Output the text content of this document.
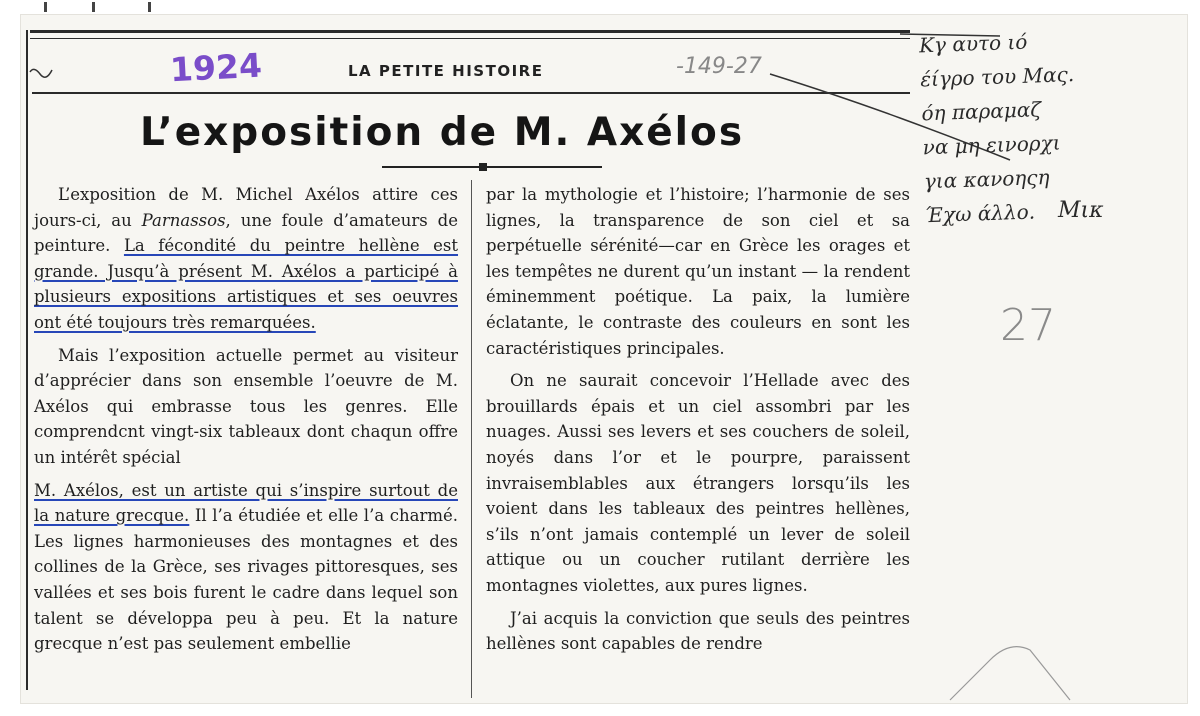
LA PETITE HISTOIRE
1924	-149-27
L’exposition de M. Axélos

L’exposition de M. Michel Axélos attire ces jours-ci, au Parnassos, une foule d’amateurs de peinture. La fécondité du peintre hellène est grande. Jusqu’à présent M. Axélos a participé à plusieurs expositions artistiques et ses oeuvres ont été toujours très remarquées.

Mais l’exposition actuelle permet au visiteur d’apprécier dans son ensemble l’oeuvre de M. Axélos qui embrasse tous les genres. Elle comprendcnt vingt-six tableaux dont chaqun offre un intérêt spécial

M. Axélos, est un artiste qui s’inspire surtout de la nature grecque. Il l’a étudiée et elle l’a charmé. Les lignes harmonieuses des montagnes et des collines de la Grèce, ses rivages pittoresques, ses vallées et ses bois furent le cadre dans lequel son talent se développa peu à peu. Et la nature grecque n’est pas seulement embellie

par la mythologie et l’histoire; l’harmonie de ses lignes, la transparence de son ciel et sa perpétuelle sérénité—car en Grèce les orages et les tempêtes ne durent qu’un instant — la rendent éminemment poétique. La paix, la lumière éclatante, le contraste des couleurs en sont les caractéristiques principales.

On ne saurait concevoir l’Hellade avec des brouillards épais et un ciel assombri par les nuages. Aussi ses levers et ses couchers de soleil, noyés dans l’or et le pourpre, paraissent invraisemblables aux étrangers lorsqu’ils les voient dans les tableaux des peintres hellènes, s’ils n’ont jamais contemplé un lever de soleil attique ou un coucher rutilant derrière les montagnes violettes, aux pures lignes.

J’ai acquis la conviction que seuls des peintres hellènes sont capables de rendre

Κγ αυτο ιό
έίγρο του Μας.
όη παραμαζ
να μη εινορχι
για κανοηςη
Έχω άλλο.	Μικ
27
